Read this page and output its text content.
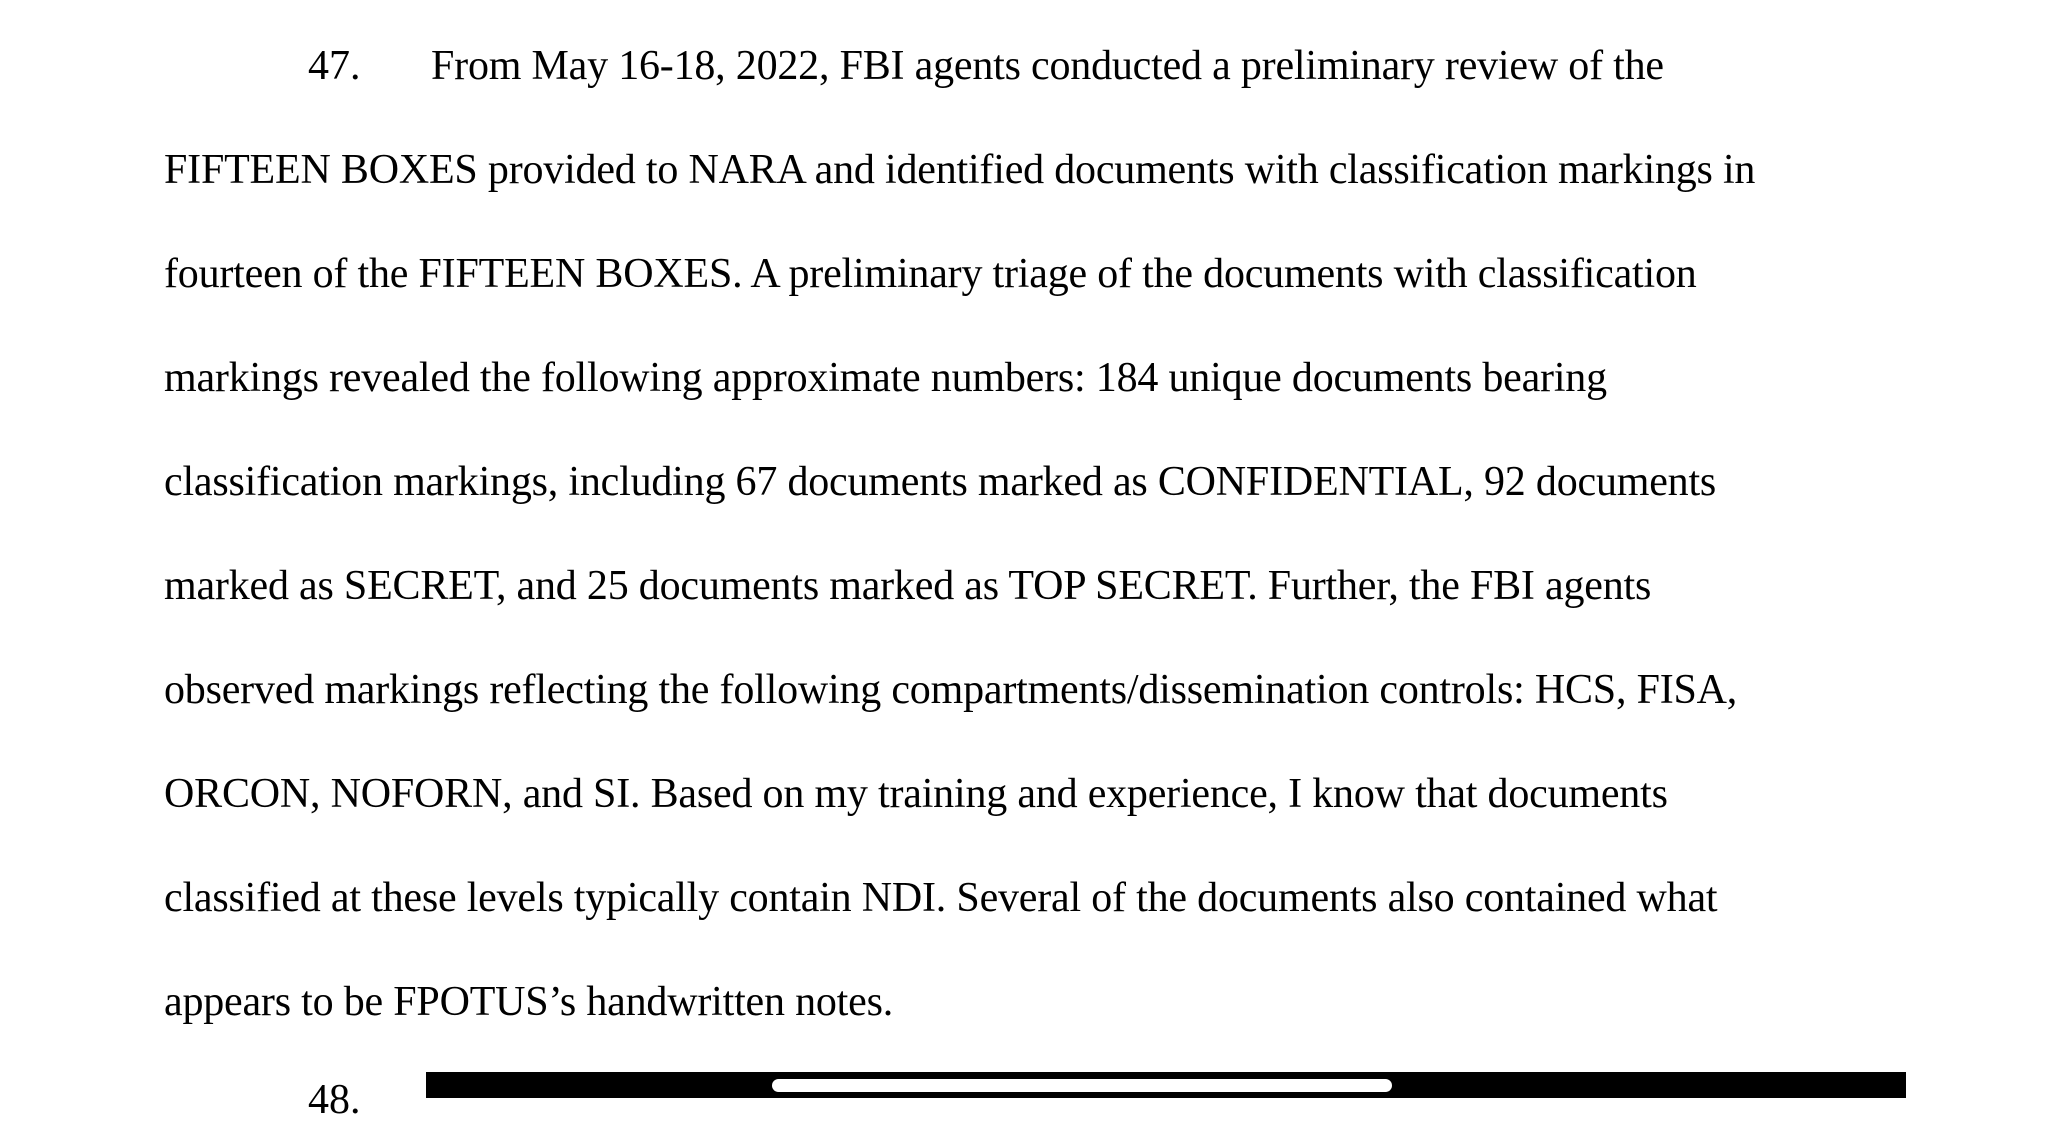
47. From May 16-18, 2022, FBI agents conducted a preliminary review of the
FIFTEEN BOXES provided to NARA and identified documents with classification markings in
fourteen of the FIFTEEN BOXES. A preliminary triage of the documents with classification
markings revealed the following approximate numbers: 184 unique documents bearing
classification markings, including 67 documents marked as CONFIDENTIAL, 92 documents
marked as SECRET, and 25 documents marked as TOP SECRET. Further, the FBI agents
observed markings reflecting the following compartments/dissemination controls: HCS, FISA,
ORCON, NOFORN, and SI. Based on my training and experience, I know that documents
classified at these levels typically contain NDI. Several of the documents also contained what
appears to be FPOTUS’s handwritten notes.
48.
